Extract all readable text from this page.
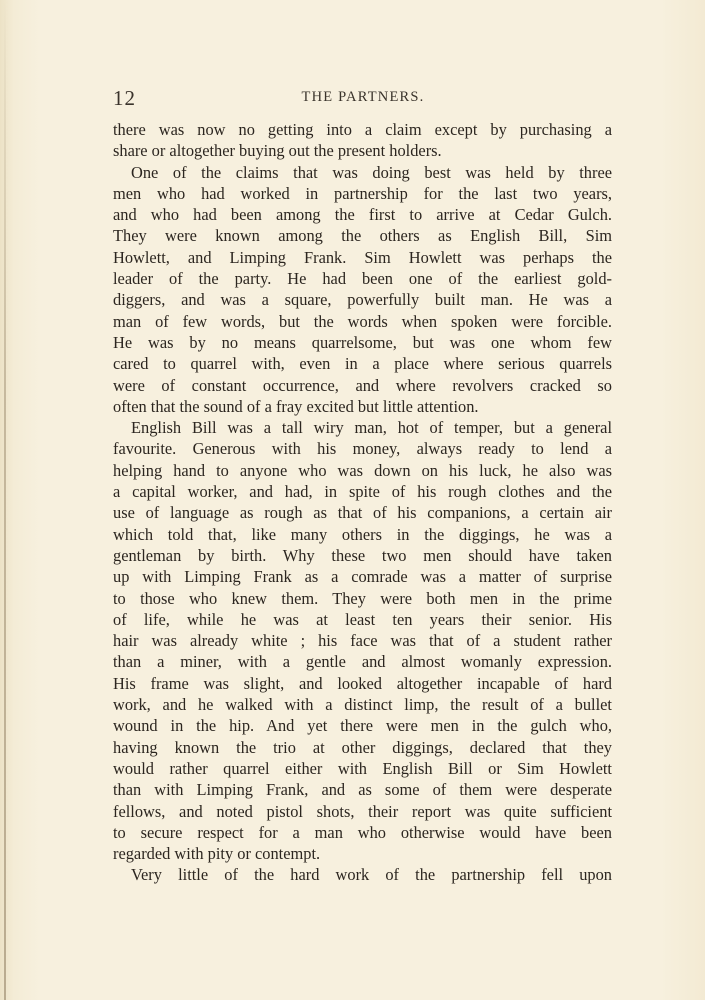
12	THE PARTNERS.
there was now no getting into a claim except by purchasing a
share or altogether buying out the present holders.
One of the claims that was doing best was held by three
men who had worked in partnership for the last two years,
and who had been among the first to arrive at Cedar Gulch.
They were known among the others as English Bill, Sim
Howlett, and Limping Frank. Sim Howlett was perhaps the
leader of the party. He had been one of the earliest gold-
diggers, and was a square, powerfully built man. He was a
man of few words, but the words when spoken were forcible.
He was by no means quarrelsome, but was one whom few
cared to quarrel with, even in a place where serious quarrels
were of constant occurrence, and where revolvers cracked so
often that the sound of a fray excited but little attention.
English Bill was a tall wiry man, hot of temper, but a general
favourite. Generous with his money, always ready to lend a
helping hand to anyone who was down on his luck, he also was
a capital worker, and had, in spite of his rough clothes and the
use of language as rough as that of his companions, a certain air
which told that, like many others in the diggings, he was a
gentleman by birth. Why these two men should have taken
up with Limping Frank as a comrade was a matter of surprise
to those who knew them. They were both men in the prime
of life, while he was at least ten years their senior. His
hair was already white ; his face was that of a student rather
than a miner, with a gentle and almost womanly expression.
His frame was slight, and looked altogether incapable of hard
work, and he walked with a distinct limp, the result of a bullet
wound in the hip. And yet there were men in the gulch who,
having known the trio at other diggings, declared that they
would rather quarrel either with English Bill or Sim Howlett
than with Limping Frank, and as some of them were desperate
fellows, and noted pistol shots, their report was quite sufficient
to secure respect for a man who otherwise would have been
regarded with pity or contempt.
Very little of the hard work of the partnership fell upon
